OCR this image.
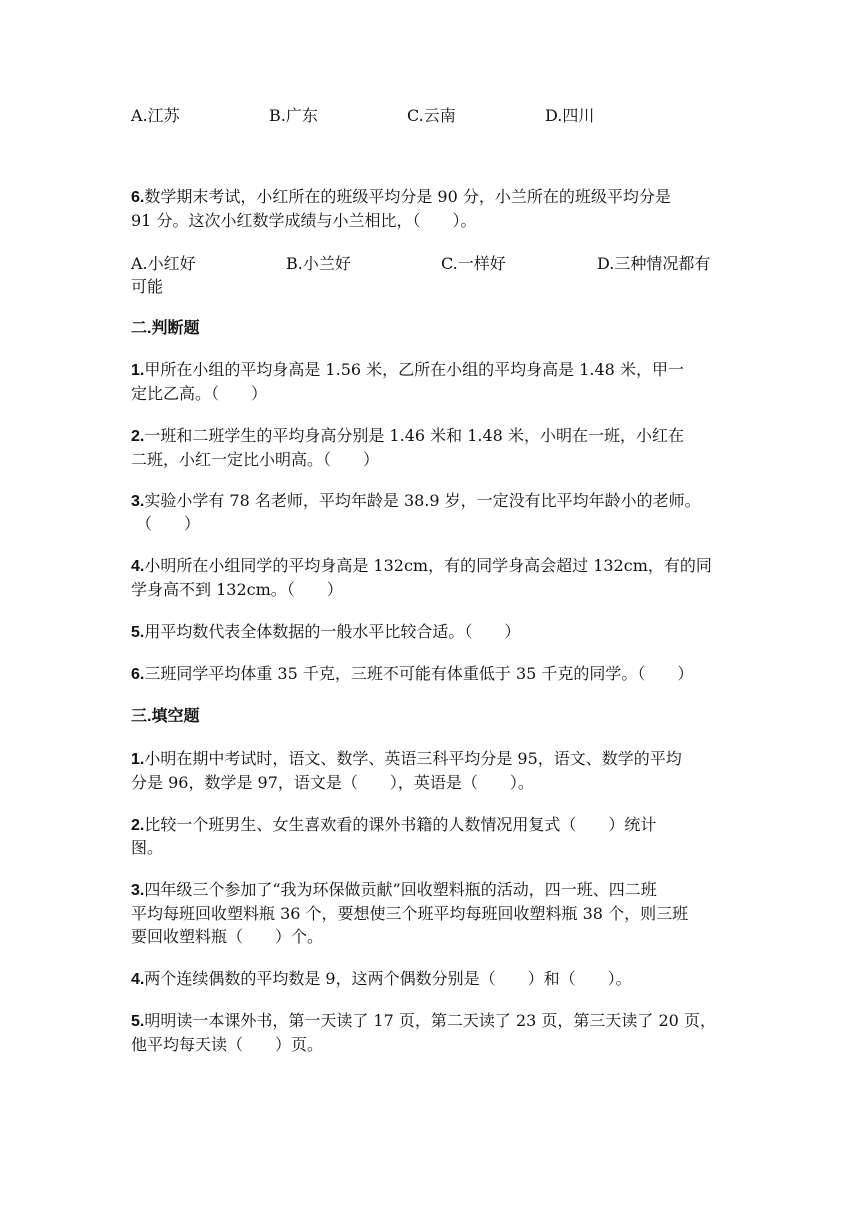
A.江苏	B.广东	C.云南	D.四川
6.数学期末考试，小红所在的班级平均分是 90 分，小兰所在的班级平均分是
91 分。这次小红数学成绩与小兰相比，（　　）。
A.小红好	B.小兰好	C.一样好	D.三种情况都有
可能
二.判断题
1.甲所在小组的平均身高是 1.56 米，乙所在小组的平均身高是 1.48 米，甲一
定比乙高。（　　）
2.一班和二班学生的平均身高分别是 1.46 米和 1.48 米，小明在一班，小红在
二班，小红一定比小明高。（　　）
3.实验小学有 78 名老师，平均年龄是 38.9 岁，一定没有比平均年龄小的老师。
（　　）
4.小明所在小组同学的平均身高是 132cm，有的同学身高会超过 132cm，有的同
学身高不到 132cm。（　　）
5.用平均数代表全体数据的一般水平比较合适。（　　）
6.三班同学平均体重 35 千克，三班不可能有体重低于 35 千克的同学。（　　）
三.填空题
1.小明在期中考试时，语文、数学、英语三科平均分是 95，语文、数学的平均
分是 96，数学是 97，语文是（　　），英语是（　　）。
2.比较一个班男生、女生喜欢看的课外书籍的人数情况用复式（　　）统计
图。
3.四年级三个参加了“我为环保做贡献”回收塑料瓶的活动，四一班、四二班
平均每班回收塑料瓶 36 个，要想使三个班平均每班回收塑料瓶 38 个，则三班
要回收塑料瓶（　　）个。
4.两个连续偶数的平均数是 9，这两个偶数分别是（　　）和（　　）。
5.明明读一本课外书，第一天读了 17 页，第二天读了 23 页，第三天读了 20 页，
他平均每天读（　　）页。
